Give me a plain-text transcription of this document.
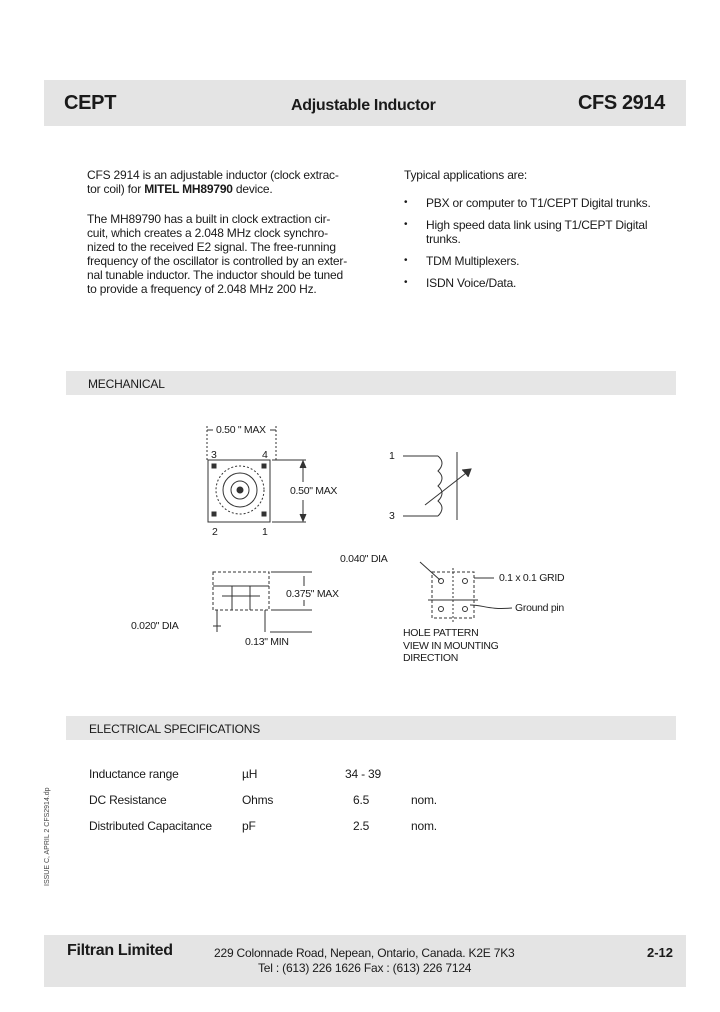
CEPT	Adjustable Inductor	CFS 2914
CFS 2914 is an adjustable inductor (clock extrac-
tor coil) for MITEL MH89790 device.
The MH89790 has a built in clock extraction cir-
cuit, which creates a 2.048 MHz clock synchro-
nized to the received E2 signal. The free-running
frequency of the oscillator is controlled by an exter-
nal tunable inductor. The inductor should be tuned
to provide a frequency of 2.048 MHz 200 Hz.
Typical applications are:
• PBX or computer to T1/CEPT Digital trunks.
• High speed data link using T1/CEPT Digital trunks.
• TDM Multiplexers.
• ISDN Voice/Data.
MECHANICAL
0.50 " MAX
3	4
2	1
0.50" MAX
1
3
0.375" MAX
0.13" MIN
0.020" DIA
0.040" DIA
0.1 x 0.1 GRID
Ground pin
HOLE PATTERN
VIEW IN MOUNTING
DIRECTION
ELECTRICAL SPECIFICATIONS
Inductance range	µH	34 - 39
DC Resistance	Ohms	6.5	nom.
Distributed Capacitance	pF	2.5	nom.
ISSUE C, APRIL 2 CFS2914.dp
Filtran Limited	229 Colonnade Road, Nepean, Ontario, Canada. K2E 7K3
Tel : (613) 226 1626 Fax : (613) 226 7124
2-12
